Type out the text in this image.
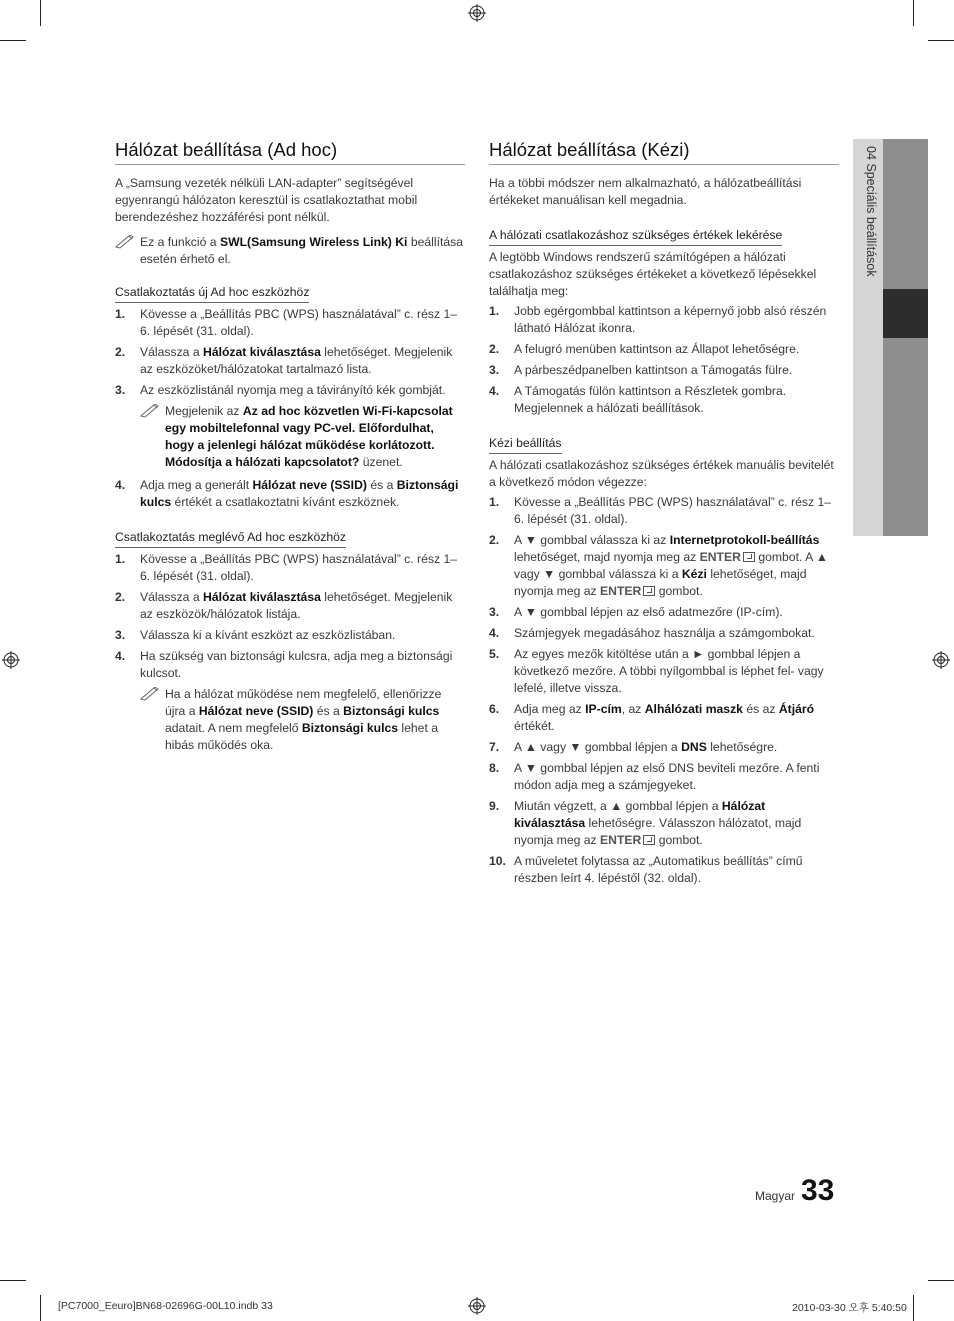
Hálózat beállítása (Ad hoc)

A „Samsung vezeték nélküli LAN-adapter” segítségével egyenrangú hálózaton keresztül is csatlakoztathat mobil berendezéshez hozzáférési pont nélkül.

Ez a funkció a SWL(Samsung Wireless Link) Ki beállítása esetén érhető el.
Csatlakoztatás új Ad hoc eszközhöz
1. Kövesse a „Beállítás PBC (WPS) használatával” c. rész 1–6. lépését (31. oldal).
2. Válassza a Hálózat kiválasztása lehetőséget. Megjelenik az eszközöket/hálózatokat tartalmazó lista.
3. Az eszközlistánál nyomja meg a távirányító kék gombját.
Megjelenik az Az ad hoc közvetlen Wi-Fi-kapcsolat egy mobiltelefonnal vagy PC-vel. Előfordulhat, hogy a jelenlegi hálózat működése korlátozott. Módosítja a hálózati kapcsolatot? üzenet.
4. Adja meg a generált Hálózat neve (SSID) és a Biztonsági kulcs értékét a csatlakoztatni kívánt eszköznek.
Csatlakoztatás meglévő Ad hoc eszközhöz
1. Kövesse a „Beállítás PBC (WPS) használatával” c. rész 1–6. lépését (31. oldal).
2. Válassza a Hálózat kiválasztása lehetőséget. Megjelenik az eszközök/hálózatok listája.
3. Válassza ki a kívánt eszközt az eszközlistában.
4. Ha szükség van biztonsági kulcsra, adja meg a biztonsági kulcsot.
Ha a hálózat működése nem megfelelő, ellenőrizze újra a Hálózat neve (SSID) és a Biztonsági kulcs adatait. A nem megfelelő Biztonsági kulcs lehet a hibás működés oka.
Hálózat beállítása (Kézi)

Ha a többi módszer nem alkalmazható, a hálózatbeállítási értékeket manuálisan kell megadnia.

A hálózati csatlakozáshoz szükséges értékek lekérése

A legtöbb Windows rendszerű számítógépen a hálózati csatlakozáshoz szükséges értékeket a következő lépésekkel találhatja meg:

1. Jobb egérgombbal kattintson a képernyő jobb alsó részén látható Hálózat ikonra.
2. A felugró menüben kattintson az Állapot lehetőségre.
3. A párbeszédpanelben kattintson a Támogatás fülre.
4. A Támogatás fülön kattintson a Részletek gombra. Megjelennek a hálózati beállítások.
Kézi beállítás

A hálózati csatlakozáshoz szükséges értékek manuális bevitelét a következő módon végezze:

1. Kövesse a „Beállítás PBC (WPS) használatával” c. rész 1–6. lépését (31. oldal).
2. A ▼ gombbal válassza ki az Internetprotokoll-beállítás lehetőséget, majd nyomja meg az ENTER gombot. A ▲ vagy ▼ gombbal válassza ki a Kézi lehetőséget, majd nyomja meg az ENTER gombot.
3. A ▼ gombbal lépjen az első adatmezőre (IP-cím).
4. Számjegyek megadásához használja a számgombokat.
5. Az egyes mezők kitöltése után a ► gombbal lépjen a következő mezőre. A többi nyílgombbal is léphet fel- vagy lefelé, illetve vissza.
6. Adja meg az IP-cím, az Alhálózati maszk és az Átjáró értékét.
7. A ▲ vagy ▼ gombbal lépjen a DNS lehetőségre.
8. A ▼ gombbal lépjen az első DNS beviteli mezőre. A fenti módon adja meg a számjegyeket.
9. Miután végzett, a ▲ gombbal lépjen a Hálózat kiválasztása lehetőségre. Válasszon hálózatot, majd nyomja meg az ENTER gombot.
10. A műveletet folytassa az „Automatikus beállítás” című részben leírt 4. lépéstől (32. oldal).
04 Speciális beállítások
Magyar 33
[PC7000_Eeuro]BN68-02696G-00L10.indb 33	2010-03-30 오후 5:40:50
